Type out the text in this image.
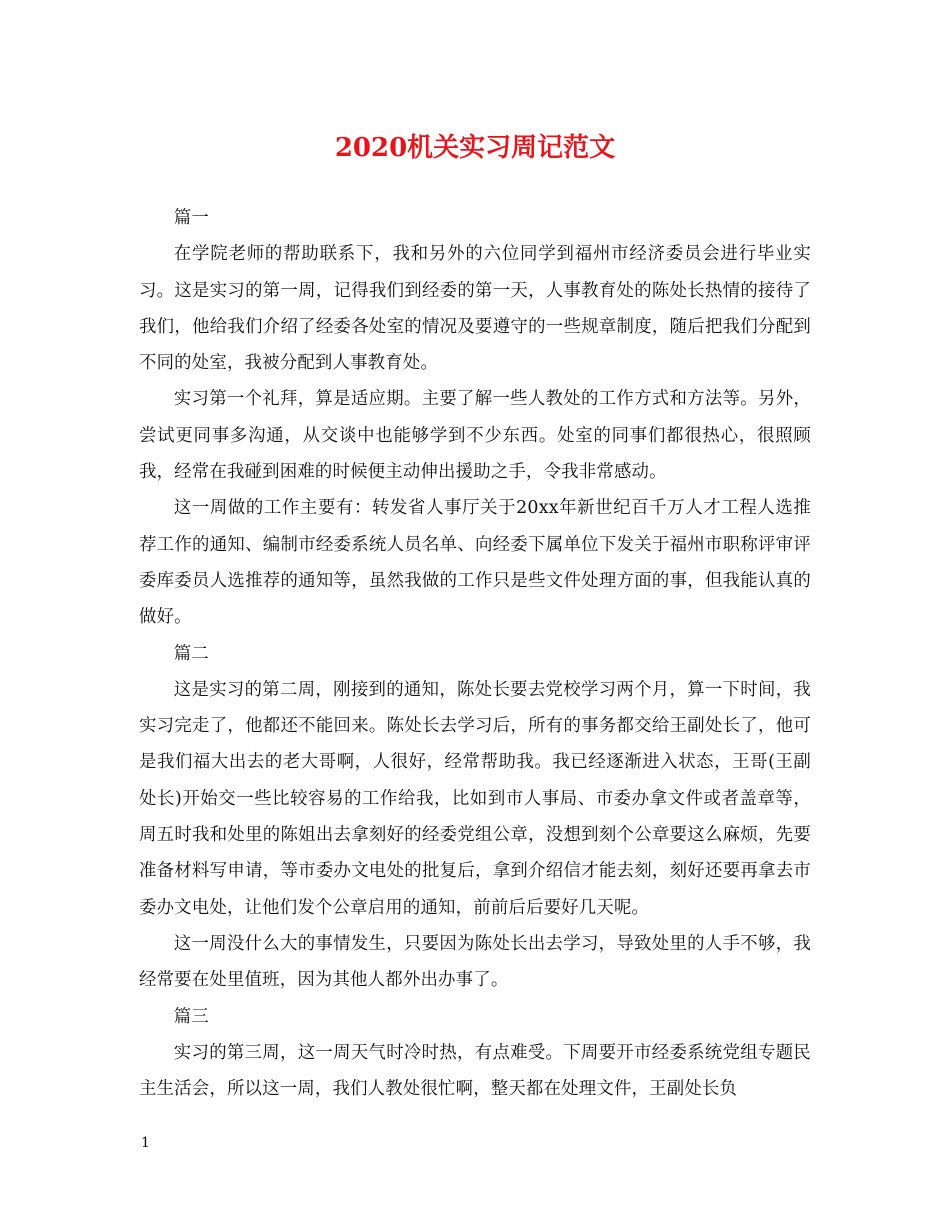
2020机关实习周记范文

篇一

在学院老师的帮助联系下，我和另外的六位同学到福州市经济委员会进行毕业实习。这是实习的第一周，记得我们到经委的第一天，人事教育处的陈处长热情的接待了我们，他给我们介绍了经委各处室的情况及要遵守的一些规章制度，随后把我们分配到不同的处室，我被分配到人事教育处。

实习第一个礼拜，算是适应期。主要了解一些人教处的工作方式和方法等。另外，尝试更同事多沟通，从交谈中也能够学到不少东西。处室的同事们都很热心，很照顾我，经常在我碰到困难的时候便主动伸出援助之手，令我非常感动。

这一周做的工作主要有：转发省人事厅关于20xx年新世纪百千万人才工程人选推荐工作的通知、编制市经委系统人员名单、向经委下属单位下发关于福州市职称评审评委库委员人选推荐的通知等，虽然我做的工作只是些文件处理方面的事，但我能认真的做好。

篇二

这是实习的第二周，刚接到的通知，陈处长要去党校学习两个月，算一下时间，我实习完走了，他都还不能回来。陈处长去学习后，所有的事务都交给王副处长了，他可是我们福大出去的老大哥啊，人很好，经常帮助我。我已经逐渐进入状态，王哥(王副处长)开始交一些比较容易的工作给我，比如到市人事局、市委办拿文件或者盖章等，周五时我和处里的陈姐出去拿刻好的经委党组公章，没想到刻个公章要这么麻烦，先要准备材料写申请，等市委办文电处的批复后，拿到介绍信才能去刻，刻好还要再拿去市委办文电处，让他们发个公章启用的通知，前前后后要好几天呢。

这一周没什么大的事情发生，只要因为陈处长出去学习，导致处里的人手不够，我经常要在处里值班，因为其他人都外出办事了。

篇三

实习的第三周，这一周天气时冷时热，有点难受。下周要开市经委系统党组专题民主生活会，所以这一周，我们人教处很忙啊，整天都在处理文件，王副处长负

1
